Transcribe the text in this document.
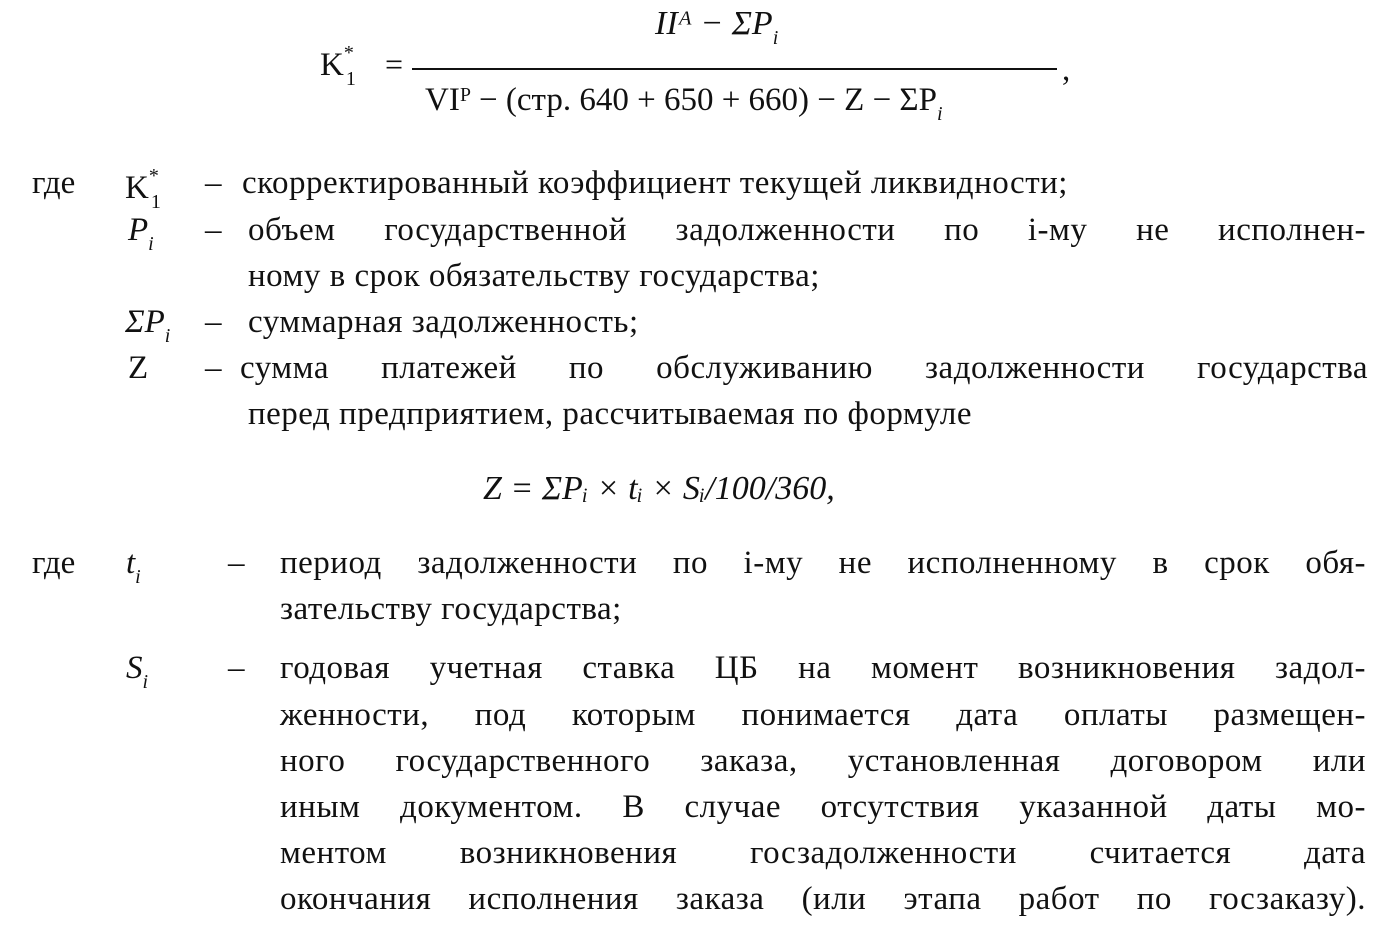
$K^*_1$ =
IIᴬ − $\Sigma P_i$
VIᴾ − (стр. $640 + 650 + 660) - Z - \Sigma P_i$
,
где $K^*_1$
– скорректированный коэффициент текущей ликвидности;
$P_i$ – объем государственной задолженности по i-му не исполнен-
ному в срок обязательству государства;
$\Sigma P_i$ – суммарная задолженность;
Z – сумма платежей по обслуживанию задолженности государства
перед предприятием, рассчитываемая по формуле
Z = ΣPᵢ × tᵢ × Sᵢ/100/360,
где $t_i$	– период задолженности по i-му не исполненному в срок обя-
зательству государства;
$S_i$ – годовая учетная ставка ЦБ на момент возникновения задол-
женности, под которым понимается дата оплаты размещен-
ного государственного заказа, установленная договором или
иным документом. В случае отсутствия указанной даты мо-
ментом возникновения госзадолженности считается дата
окончания исполнения заказа (или этапа работ по госзаказу).
